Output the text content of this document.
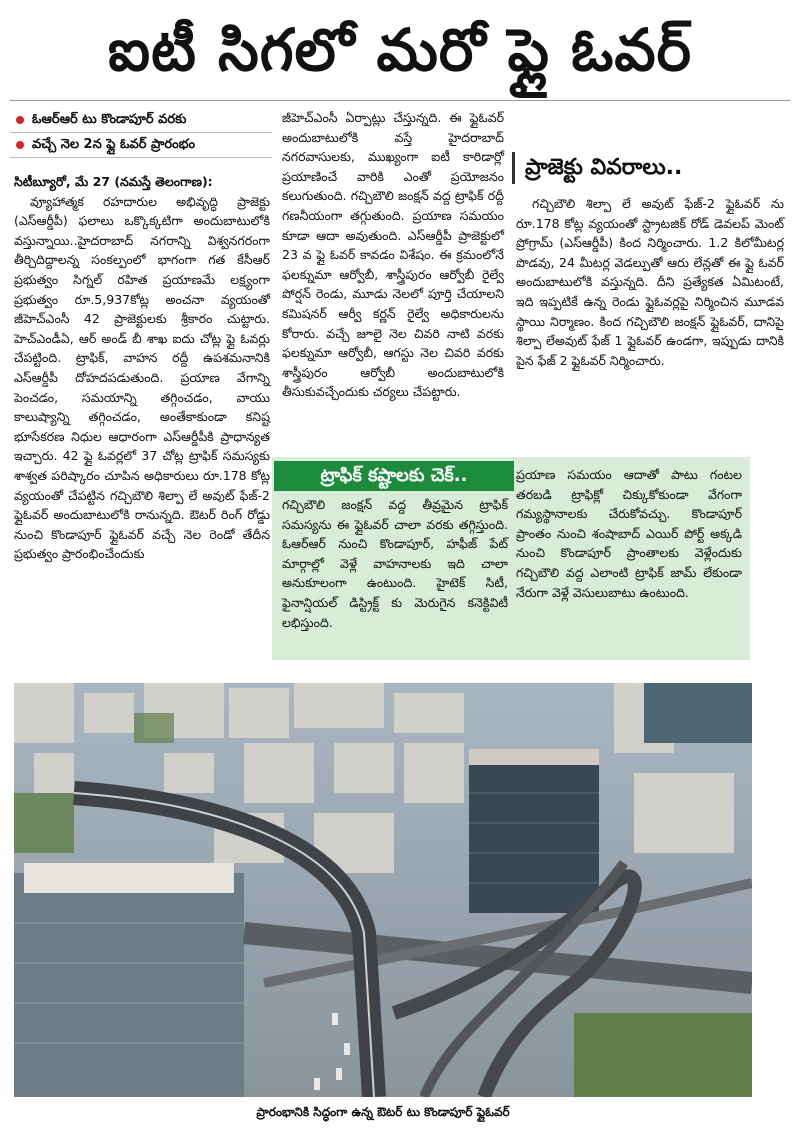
ఐటీ సిగలో మరో ఫ్లై ఓవర్
ఓఆర్ఆర్ టు కొండాపూర్ వరకు
వచ్చే నెల 2న ఫ్లై ఓవర్ ప్రారంభం

సిటీబ్యూరో, మే 27 (నమస్తే తెలంగాణ):

వ్యూహాత్మక రహదారుల అభివృద్ధి ప్రాజెక్టు (ఎస్ఆర్డీపీ) ఫలాలు ఒక్కొక్కటిగా అందుబాటులోకి వస్తున్నాయి..హైదరాబాద్ నగరాన్ని విశ్వనగరంగా తీర్చిదిద్దాలన్న సంకల్పంలో భాగంగా గత కేసీఆర్ ప్రభుత్వం సిగ్నల్ రహిత ప్రయాణమే లక్ష్యంగా ప్రభుత్వం రూ.5,937కోట్ల అంచనా వ్యయంతో జీహెచ్ఎంసీ 42 ప్రాజెక్టులకు శ్రీకారం చుట్టారు. హెచ్ఎండీఏ, ఆర్ అండ్ బీ శాఖ ఐదు చోట్ల ఫ్లై ఓవర్లు చేపట్టింది. ట్రాఫిక్, వాహన రద్దీ ఉపశమనానికి ఎస్ఆర్డీపీ దోహదపడుతుంది. ప్రయాణ వేగాన్ని పెంచడం, సమయాన్ని తగ్గించడం, వాయు కాలుష్యాన్ని తగ్గించడం, అంతేకాకుండా కనిష్ట భూసేకరణ నిధుల ఆధారంగా ఎస్ఆర్డీపీకి ప్రాధాన్యత ఇచ్చారు. 42 ఫ్లై ఓవర్లలో 37 చోట్ల ట్రాఫిక్ సమస్యకు శాశ్వత పరిష్కారం చూపిన అధికారులు రూ.178 కోట్ల వ్యయంతో చేపట్టిన గచ్చిబౌలి శిల్పా లే అవుట్ ఫేజ్-2 ఫ్లైఓవర్ అందుబాటులోకి రానున్నది. ఔటర్ రింగ్ రోడ్డు నుంచి కొండాపూర్ ఫ్లైఓవర్ వచ్చే నెల రెండో తేదీన ప్రభుత్వం ప్రారంభించేందుకు

జీహెచ్ఎంసీ ఏర్పాట్లు చేస్తున్నది. ఈ ఫ్లైఓవర్ అందుబాటులోకి వస్తే హైదరాబాద్ నగరవాసులకు, ముఖ్యంగా ఐటీ కారిడార్లో ప్రయాణించే వారికి ఎంతో ప్రయోజనం కలుగుతుంది. గచ్చిబౌలి జంక్షన్ వద్ద ట్రాఫిక్ రద్దీ గణనీయంగా తగ్గుతుంది. ప్రయాణ సమయం కూడా ఆదా అవుతుంది. ఎస్ఆర్డీపీ ప్రాజెక్టులో 23 వ ఫ్లై ఓవర్ కావడం విశేషం. ఈ క్రమంలోనే ఫలక్నుమా ఆర్వోబీ, శాస్త్రీపురం ఆర్వోబీ రైల్వే పోర్షన్ రెండు, మూడు నెలలో పూర్తి చేయాలని కమిషనర్ ఆర్వీ కర్ణన్ రైల్వే అధికారులను కోరారు. వచ్చే జూలై నెల చివరి నాటి వరకు ఫలక్నుమా ఆర్వోబీ, ఆగస్టు నెల చివరి వరకు శాస్త్రీపురం ఆర్వోబీ అందుబాటులోకి తీసుకువచ్చేందుకు చర్యలు చేపట్టారు.

ప్రాజెక్టు వివరాలు..

గచ్చిబౌలి శిల్పా లే అవుట్ ఫేజ్-2 ఫ్లైఓవర్ ను రూ.178 కోట్ల వ్యయంతో స్ట్రాటజిక్ రోడ్ డెవలప్ మెంట్ ప్రోగ్రామ్ (ఎస్ఆర్డీపీ) కింద నిర్మించారు. 1.2 కిలోమీటర్ల పొడవు, 24 మీటర్ల వెడల్పుతో ఆరు లేన్లతో ఈ ఫ్లై ఓవర్ అందుబాటులోకి వస్తున్నది. దీని ప్రత్యేకత ఏమిటంటే, ఇది ఇప్పటికే ఉన్న రెండు ఫ్లైఓవర్లపై నిర్మించిన మూడవ స్థాయి నిర్మాణం. కింద గచ్చిబౌలి జంక్షన్ ఫ్లైఓవర్, దానిపై శిల్పా లేఅవుట్ ఫేజ్ 1 ఫ్లైఓవర్ ఉండగా, ఇప్పుడు దానికి పైన ఫేజ్ 2 ఫ్లైఓవర్ నిర్మించారు.

ట్రాఫిక్ కష్టాలకు చెక్..
గచ్చిబౌలి జంక్షన్ వద్ద తీవ్రమైన ట్రాఫిక్ సమస్యను ఈ ఫ్లైఓవర్ చాలా వరకు తగ్గిస్తుంది. ఓఆర్ఆర్ నుంచి కొండాపూర్, హఫీజ్ పేట్ మార్గాల్లో వెళ్లే వాహనాలకు ఇది చాలా అనుకూలంగా ఉంటుంది. హైటెక్ సిటీ, ఫైనాన్షియల్ డిస్ట్రిక్ట్ కు మెరుగైన కనెక్టివిటీ లభిస్తుంది.
ప్రయాణ సమయం ఆదాతో పాటు గంటల తరబడి ట్రాఫిక్లో చిక్కుకోకుండా వేగంగా గమ్యస్థానాలకు చేరుకోవచ్చు. కొండాపూర్ ప్రాంతం నుంచి శంషాబాద్ ఎయిర్ పోర్ట్ అక్కడి నుంచి కొండాపూర్ ప్రాంతాలకు వెళ్లేందుకు గచ్చిబౌలి వద్ద ఎలాంటి ట్రాఫిక్ జామ్ లేకుండా నేరుగా వెళ్లే వెసులుబాటు ఉంటుంది.
ప్రారంభానికి సిద్ధంగా ఉన్న ఔటర్ టు కొండాపూర్ ఫ్లైఓవర్
